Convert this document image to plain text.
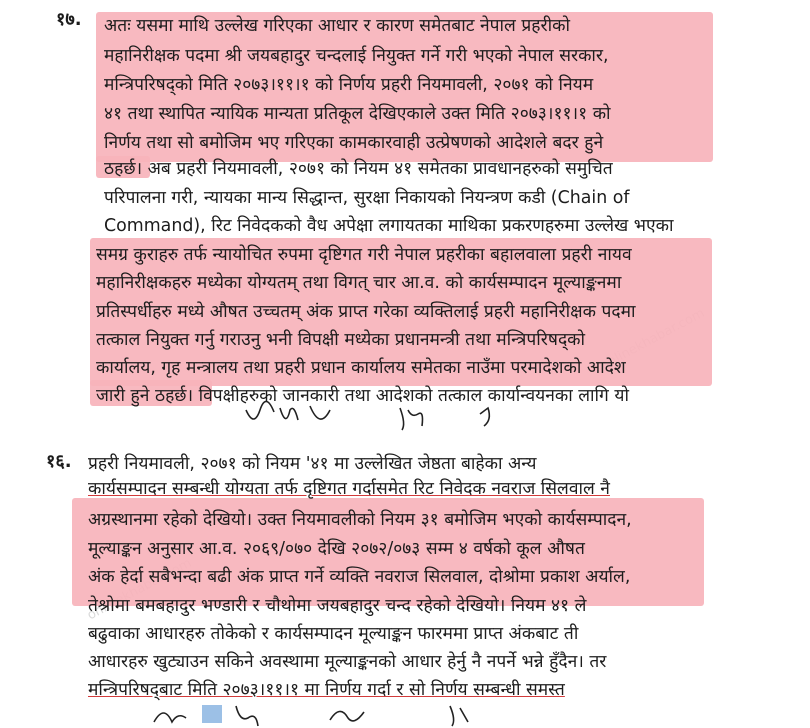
१७. अतः यसमा माथि उल्लेख गरिएका आधार र कारण समेतबाट नेपाल प्रहरीको
महानिरीक्षक पदमा श्री जयबहादुर चन्दलाई नियुक्त गर्ने गरी भएको नेपाल सरकार,
मन्त्रिपरिषद्‌को मिति २०७३।११।१ को निर्णय प्रहरी नियमावली, २०७१ को नियम
४१ तथा स्थापित न्यायिक मान्यता प्रतिकूल देखिएकाले उक्त मिति २०७३।११।१ को
निर्णय तथा सो बमोजिम भए गरिएका कामकारवाही उत्प्रेषणको आदेशले बदर हुने
ठहर्छ। अब प्रहरी नियमावली, २०७१ को नियम ४१ समेतका प्रावधानहरुको समुचित
परिपालना गरी, न्यायका मान्य सिद्धान्त, सुरक्षा निकायको नियन्त्रण कडी (Chain of
Command), रिट निवेदकको वैध अपेक्षा लगायतका माथिका प्रकरणहरुमा उल्लेख भएका
समग्र कुराहरु तर्फ न्यायोचित रुपमा दृष्टिगत गरी नेपाल प्रहरीका बहालवाला प्रहरी नायव
महानिरीक्षकहरु मध्येका योग्यतम्‌ तथा विगत्‌ चार आ.व. को कार्यसम्पादन मूल्याङ्कनमा
प्रतिस्पर्धीहरु मध्ये औषत उच्चतम्‌ अंक प्राप्त गरेका व्यक्तिलाई प्रहरी महानिरीक्षक पदमा
तत्काल नियुक्त गर्नु गराउनु भनी विपक्षी मध्येका प्रधानमन्त्री तथा मन्त्रिपरिषद्‌को
कार्यालय, गृह मन्त्रालय तथा प्रहरी प्रधान कार्यालय समेतका नाउँमा परमादेशको आदेश
जारी हुने ठहर्छ। विपक्षीहरुको जानकारी तथा आदेशको तत्काल कार्यान्वयनका लागि यो
१६. प्रहरी नियमावली, २०७१ को नियम '४१ मा उल्लेखित जेष्ठता बाहेका अन्य
कार्यसम्पादन सम्बन्धी योग्यता तर्फ दृष्टिगत गर्दासमेत रिट निवेदक नवराज सिलवाल नै
अग्रस्थानमा रहेको देखियो। उक्त नियमावलीको नियम ३१ बमोजिम भएको कार्यसम्पादन,
मूल्याङ्कन अनुसार आ.व. २०६९/०७० देखि २०७२/०७३ सम्म ४ वर्षको कूल औषत
अंक हेर्दा सबैभन्दा बढी अंक प्राप्त गर्ने व्यक्ति नवराज सिलवाल, दोश्रोमा प्रकाश अर्याल,
तेश्रोमा बमबहादुर भण्डारी र चौथोमा जयबहादुर चन्द रहेको देखियो। नियम ४१ ले
बढुवाका आधारहरु तोकेको र कार्यसम्पादन मूल्याङ्कन फारममा प्राप्त अंकबाट ती
आधारहरु खुट्याउन सकिने अवस्थामा मूल्याङ्कनको आधार हेर्नु नै नपर्ने भन्ने हुँदैन। तर
मन्त्रिपरिषद्‌बाट मिति २०७३।११।१ मा निर्णय गर्दा र सो निर्णय सम्बन्धी समस्त
